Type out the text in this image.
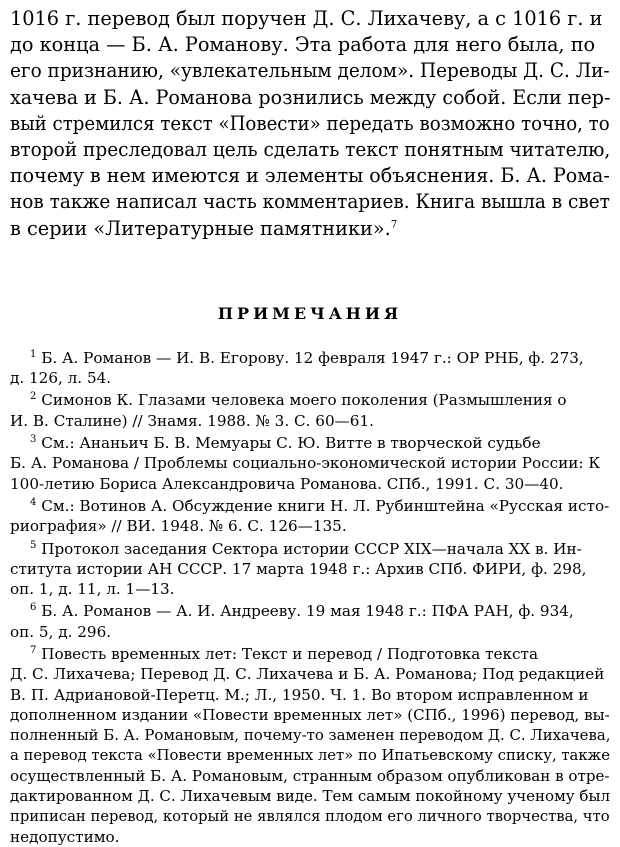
1016 г. перевод был поручен Д. С. Лихачеву, а с 1016 г. и
до конца — Б. А. Романову. Эта работа для него была, по
его признанию, «увлекательным делом». Переводы Д. С. Ли-
хачева и Б. А. Романова рознились между собой. Если пер-
вый стремился текст «Повести» передать возможно точно, то
второй преследовал цель сделать текст понятным читателю,
почему в нем имеются и элементы объяснения. Б. А. Рома-
нов также написал часть комментариев. Книга вышла в свет
в серии «Литературные памятники».$^7$
ПРИМЕЧАНИЯ
$^1$ Б. А. Романов — И. В. Егорову. 12 февраля 1947 г.: ОР РНБ, ф. 273,
д. 126, л. 54.
$^2$ Симонов К. Глазами человека моего поколения (Размышления о
И. В. Сталине) // Знамя. 1988. № 3. С. 60—61.
$^3$ См.: Ананьич Б. В. Мемуары С. Ю. Витте в творческой судьбе
Б. А. Романова / Проблемы социально-экономической истории России: К
100-летию Бориса Александровича Романова. СПб., 1991. С. 30—40.
$^4$ См.: Вотинов А. Обсуждение книги Н. Л. Рубинштейна «Русская исто-
риография» // ВИ. 1948. № 6. С. 126—135.
$^5$ Протокол заседания Сектора истории СССР XIX—начала XX в. Ин-
ститута истории АН СССР. 17 марта 1948 г.: Архив СПб. ФИРИ, ф. 298,
оп. 1, д. 11, л. 1—13.
$^6$ Б. А. Романов — А. И. Андрееву. 19 мая 1948 г.: ПФА РАН, ф. 934,
оп. 5, д. 296.
$^7$ Повесть временных лет: Текст и перевод / Подготовка текста
Д. С. Лихачева; Перевод Д. С. Лихачева и Б. А. Романова; Под редакцией
В. П. Адриановой-Перетц. М.; Л., 1950. Ч. 1. Во втором исправленном и
дополненном издании «Повести временных лет» (СПб., 1996) перевод, вы-
полненный Б. А. Романовым, почему-то заменен переводом Д. С. Лихачева,
а перевод текста «Повести временных лет» по Ипатьевскому списку, также
осуществленный Б. А. Романовым, странным образом опубликован в отре-
дактированном Д. С. Лихачевым виде. Тем самым покойному ученому был
приписан перевод, который не являлся плодом его личного творчества, что
недопустимо.
